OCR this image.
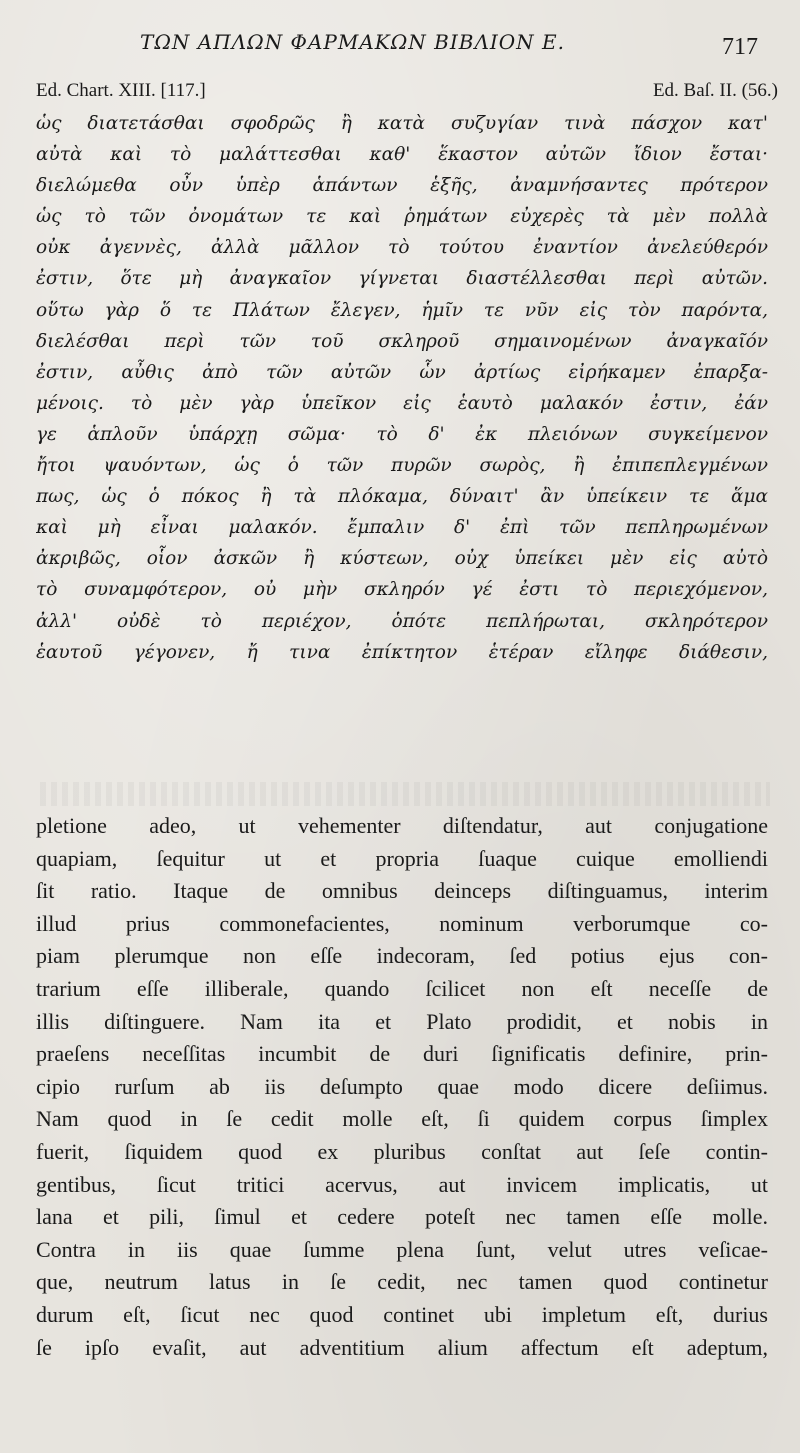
ΤΩΝ ΑΠΛΩΝ ΦΑΡΜΑΚΩΝ ΒΙΒΛΙΟΝ Ε.	717
Ed. Chart. XIII. [117.]	Ed. Baſ. II. (56.)
ὡς διατετάσθαι σφοδρῶς ἢ κατὰ συζυγίαν τινὰ πάσχον κατ'
αὐτὰ καὶ τὸ μαλάττεσθαι καθ' ἕκαστον αὐτῶν ἴδιον ἔσται·
διελώμεθα οὖν ὑπὲρ ἁπάντων ἑξῆς, ἀναμνήσαντες πρότερον
ὡς τὸ τῶν ὀνομάτων τε καὶ ῥημάτων εὐχερὲς τὰ μὲν πολλὰ
οὐκ ἀγεννὲς, ἀλλὰ μᾶλλον τὸ τούτου ἐναντίον ἀνελεύθερόν
ἐστιν, ὅτε μὴ ἀναγκαῖον γίγνεται διαστέλλεσθαι περὶ αὐτῶν.
οὕτω γὰρ ὅ τε Πλάτων ἔλεγεν, ἡμῖν τε νῦν εἰς τὸν παρόντα,
διελέσθαι περὶ τῶν τοῦ σκληροῦ σημαινομένων ἀναγκαῖόν
ἐστιν, αὖθις ἀπὸ τῶν αὐτῶν ὧν ἀρτίως εἰρήκαμεν ἐπαρξα-
μένοις. τὸ μὲν γὰρ ὑπεῖκον εἰς ἑαυτὸ μαλακόν ἐστιν, ἐάν
γε ἁπλοῦν ὑπάρχῃ σῶμα· τὸ δ' ἐκ πλειόνων συγκείμενον
ἤτοι ψαυόντων, ὡς ὁ τῶν πυρῶν σωρὸς, ἢ ἐπιπεπλεγμένων
πως, ὡς ὁ πόκος ἢ τὰ πλόκαμα, δύναιτ' ἂν ὑπείκειν τε ἅμα
καὶ μὴ εἶναι μαλακόν. ἔμπαλιν δ' ἐπὶ τῶν πεπληρωμένων
ἀκριβῶς, οἷον ἀσκῶν ἢ κύστεων, οὐχ ὑπείκει μὲν εἰς αὐτὸ
τὸ συναμφότερον, οὐ μὴν σκληρόν γέ ἐστι τὸ περιεχόμενον,
ἀλλ' οὐδὲ τὸ περιέχον, ὁπότε πεπλήρωται, σκληρότερον
ἑαυτοῦ γέγονεν, ἤ τινα ἐπίκτητον ἑτέραν εἴληφε διάθεσιν,
pletione adeo, ut vehementer diſtendatur, aut conjugatione
quapiam, ſequitur ut et propria ſuaque cuique emolliendi
ſit ratio. Itaque de omnibus deinceps diſtinguamus, interim
illud prius commonefacientes, nominum verborumque co-
piam plerumque non eſſe indecoram, ſed potius ejus con-
trarium eſſe illiberale, quando ſcilicet non eſt neceſſe de
illis diſtinguere. Nam ita et Plato prodidit, et nobis in
praeſens neceſſitas incumbit de duri ſignificatis definire, prin-
cipio rurſum ab iis deſumpto quae modo dicere deſiimus.
Nam quod in ſe cedit molle eſt, ſi quidem corpus ſimplex
fuerit, ſiquidem quod ex pluribus conſtat aut ſeſe contin-
gentibus, ſicut tritici acervus, aut invicem implicatis, ut
lana et pili, ſimul et cedere poteſt nec tamen eſſe molle.
Contra in iis quae ſumme plena ſunt, velut utres veſicae-
que, neutrum latus in ſe cedit, nec tamen quod continetur
durum eſt, ſicut nec quod continet ubi impletum eſt, durius
ſe ipſo evaſit, aut adventitium alium affectum eſt adeptum,
